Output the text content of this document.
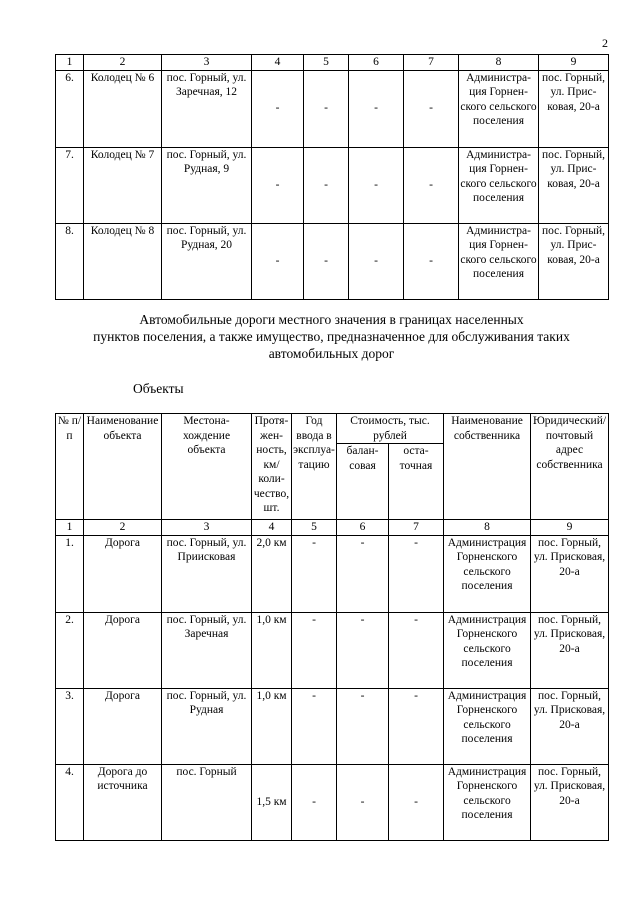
2
1	2	3	4	5	6	7	8	9
6.	Колодец № 6	пос. Горный, ул. Заречная, 12	-	-	-	-	Администрация Горненского сельского поселения	пос. Горный, ул. Присковая, 20-а
7.	Колодец № 7	пос. Горный, ул. Рудная, 9	-	-	-	-	Администрация Горненского сельского поселения	пос. Горный, ул. Присковая, 20-а
8.	Колодец № 8	пос. Горный, ул. Рудная, 20	-	-	-	-	Администрация Горненского сельского поселения	пос. Горный, ул. Присковая, 20-а
Автомобильные дороги местного значения в границах населенных
пунктов поселения, а также имущество, предназначенное для обслуживания таких
автомобильных дорог
Объекты
№ п/п	Наименование объекта	Местонахождение объекта	Протяженность, км/ количество, шт.	Год ввода в эксплуатацию	Стоимость, тыс. рублей		Наименование собственника	Юридический/ почтовый адрес собственника
					балансовая	остаточная		
1	2	3	4	5	6	7	8	9
1.	Дорога	пос. Горный, ул. Приисковая	2,0 км	-	-	-	Администрация Горненского сельского поселения	пос. Горный, ул. Присковая, 20-а
2.	Дорога	пос. Горный, ул. Заречная	1,0 км	-	-	-	Администрация Горненского сельского поселения	пос. Горный, ул. Присковая, 20-а
3.	Дорога	пос. Горный, ул. Рудная	1,0 км	-	-	-	Администрация Горненского сельского поселения	пос. Горный, ул. Присковая, 20-а
4.	Дорога до источника	пос. Горный	1,5 км	-	-	-	Администрация Горненского сельского поселения	пос. Горный, ул. Присковая, 20-а
